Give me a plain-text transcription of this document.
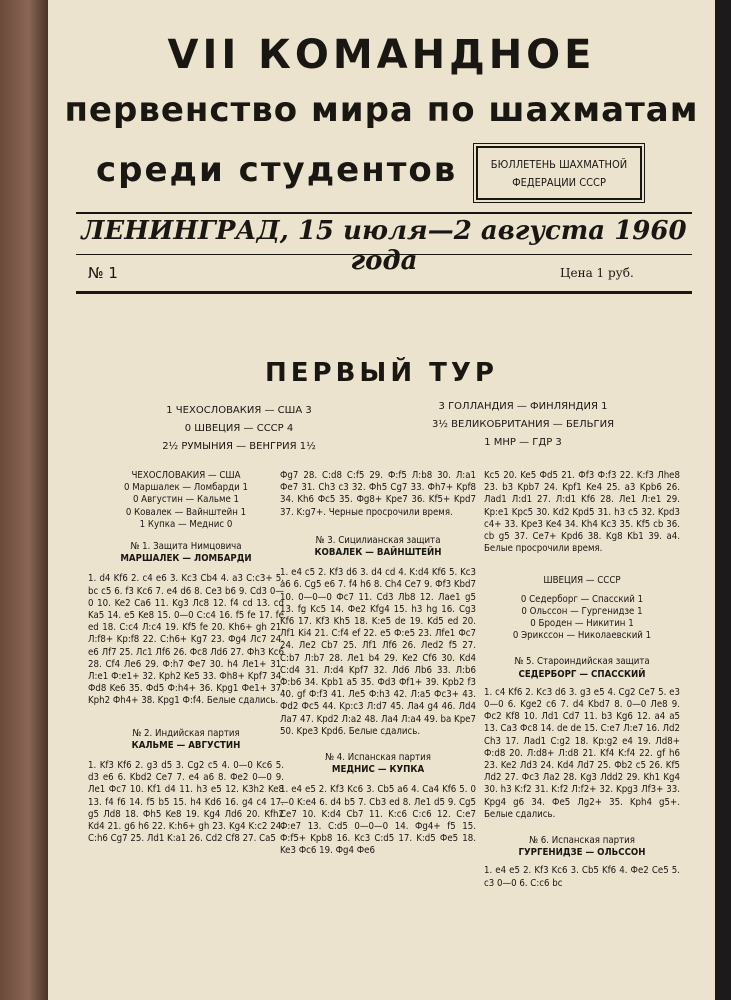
VII КОМАНДНОЕ
первенство мира по шахматам
среди студентов	БЮЛЛЕТЕНЬ ШАХМАТНОЙ
ФЕДЕРАЦИИ СССР
ЛЕНИНГРАД, 15 июля—2 августа 1960 года
№ 1	Цена 1 руб.
ПЕРВЫЙ ТУР
1 ЧЕХОСЛОВАКИЯ — США 3
0 ШВЕЦИЯ — СССР 4
2½ РУМЫНИЯ — ВЕНГРИЯ 1½
3 ГОЛЛАНДИЯ — ФИНЛЯНДИЯ 1
3½ ВЕЛИКОБРИТАНИЯ — БЕЛЬГИЯ
1 МНР — ГДР 3
ЧЕХОСЛОВАКИЯ — США
0 Маршалек — Ломбарди 1
0 Августин — Кальме 1
0 Ковалек — Вайнштейн 1
1 Купка — Меднис 0
№ 1. Защита Нимцовича
МАРШАЛЕК — ЛОМБАРДИ

1. d4 Kf6 2. c4 e6 3. Kc3 Cb4 4. a3 C:c3+ 5. bc c5 6. f3 Kc6 7. e4 d6 8. Ce3 b6 9. Cd3 0—0 10. Ke2 Ca6 11. Kg3 Лc8 12. f4 cd 13. cd Ka5 14. e5 Ke8 15. 0—0 C:c4 16. f5 fe 17. fe ed 18. C:c4 Л:c4 19. Kf5 fe 20. Kh6+ gh 21. Л:f8+ Kp:f8 22. C:h6+ Kg7 23. Фg4 Лc7 24. e6 Лf7 25. Лc1 Лf6 26. Фc8 Лd6 27. Фh3 Kc6 28. Cf4 Лe6 29. Ф:h7 Фe7 30. h4 Лe1+ 31. Л:e1 Ф:e1+ 32. Kph2 Ke5 33. Фh8+ Kpf7 34. Фd8 Ke6 35. Фd5 Ф:h4+ 36. Kpg1 Фe1+ 37. Kph2 Фh4+ 38. Kpg1 Ф:f4. Белые сдались.

№ 2. Индийская партия
КАЛЬМЕ — АВГУСТИН

1. Kf3 Kf6 2. g3 d5 3. Cg2 c5 4. 0—0 Kc6 5. d3 e6 6. Kbd2 Ce7 7. e4 a6 8. Фe2 0—0 9. Лe1 Фc7 10. Kf1 d4 11. h3 e5 12. K3h2 Ke8 13. f4 f6 14. f5 b5 15. h4 Kd6 16. g4 c4 17. g5 Лd8 18. Фh5 Ke8 19. Kg4 Лd6 20. Kfh2 Kd4 21. g6 h6 22. K:h6+ gh 23. Kg4 K:c2 24. C:h6 Cg7 25. Лd1 K:a1 26. Cd2 Cf8 27. Ca5

Фg7 28. C:d8 C:f5 29. Ф:f5 Л:b8 30. Л:a1 Фe7 31. Ch3 c3 32. Фh5 Cg7 33. Фh7+ Kpf8 34. Kh6 Фc5 35. Фg8+ Kpe7 36. Kf5+ Kpd7 37. K:g7+. Черные просрочили время.

№ 3. Сицилианская защита
КОВАЛЕК — ВАЙНШТЕЙН

1. e4 c5 2. Kf3 d6 3. d4 cd 4. K:d4 Kf6 5. Kc3 a6 6. Cg5 e6 7. f4 h6 8. Ch4 Ce7 9. Фf3 Kbd7 10. 0—0—0 Фc7 11. Cd3 Лb8 12. Лae1 g5 13. fg Kc5 14. Фe2 Kfg4 15. h3 hg 16. Cg3 Kf6 17. Kf3 Kh5 18. K:e5 de 19. Kd5 ed 20. Лf1 Ki4 21. C:f4 ef 22. e5 Ф:e5 23. Лfe1 Фc7 24. Лe2 Cb7 25. Лf1 Лf6 26. Лed2 f5 27. C:b7 Л:b7 28. Лe1 b4 29. Ke2 Cf6 30. Kd4 C:d4 31. Л:d4 Kpf7 32. Лd6 Лb6 33. Л:b6 Ф:b6 34. Kpb1 a5 35. Фd3 Фf1+ 39. Kpb2 f3 40. gf Ф:f3 41. Лe5 Ф:h3 42. Л:a5 Фc3+ 43. Фd2 Фc5 44. Kp:c3 Л:d7 45. Лa4 g4 46. Лd4 Лa7 47. Kpd2 Л:a2 48. Лa4 Л:a4 49. ba Kpe7 50. Kpe3 Kpd6. Белые сдались.

№ 4. Испанская партия
МЕДНИС — КУПКА

1. e4 e5 2. Kf3 Kc6 3. Cb5 a6 4. Ca4 Kf6 5. 0—0 K:e4 6. d4 b5 7. Cb3 ed 8. Лe1 d5 9. Cg5 Ce7 10. K:d4 Cb7 11. K:c6 C:c6 12. C:e7 Ф:e7 13. C:d5 0—0—0 14. Фg4+ f5 15. Ф:f5+ Kpb8 16. Kc3 C:d5 17. K:d5 Фe5 18. Ke3 Фc6 19. Фg4 Фe6

Kc5 20. Ke5 Фd5 21. Фf3 Ф:f3 22. K:f3 Лhe8 23. b3 Kpb7 24. Kpf1 Ke4 25. a3 Kpb6 26. Лad1 Л:d1 27. Л:d1 Kf6 28. Лe1 Л:e1 29. Kp:e1 Kpc5 30. Kd2 Kpd5 31. h3 c5 32. Kpd3 c4+ 33. Kpe3 Ke4 34. Kh4 Kc3 35. Kf5 cb 36. cb g5 37. Ce7+ Kpd6 38. Kg8 Kb1 39. a4. Белые просрочили время.

ШВЕЦИЯ — СССР
0 Седерборг — Спасский 1
0 Ольссон — Гургенидзе 1
0 Броден — Никитин 1
0 Эрикссон — Николаевский 1
№ 5. Староиндийская защита
СЕДЕРБОРГ — СПАССКИЙ

1. c4 Kf6 2. Kc3 d6 3. g3 e5 4. Cg2 Ce7 5. e3 0—0 6. Kge2 c6 7. d4 Kbd7 8. 0—0 Лe8 9. Фc2 Kf8 10. Лd1 Cd7 11. b3 Kg6 12. a4 a5 13. Ca3 Фc8 14. de de 15. C:e7 Л:e7 16. Лd2 Ch3 17. Лad1 C:g2 18. Kp:g2 e4 19. Лd8+ Ф:d8 20. Л:d8+ Л:d8 21. Kf4 K:f4 22. gf h6 23. Ke2 Лd3 24. Kd4 Лd7 25. Фb2 c5 26. Kf5 Лd2 27. Фc3 Лa2 28. Kg3 Лdd2 29. Kh1 Kg4 30. h3 K:f2 31. K:f2 Л:f2+ 32. Kpg3 Лf3+ 33. Kpg4 g6 34. Фe5 Лg2+ 35. Kph4 g5+. Белые сдались.

№ 6. Испанская партия
ГУРГЕНИДЗЕ — ОЛЬССОН

1. e4 e5 2. Kf3 Kc6 3. Cb5 Kf6 4. Фe2 Ce5 5. c3 0—0 6. C:c6 bc
